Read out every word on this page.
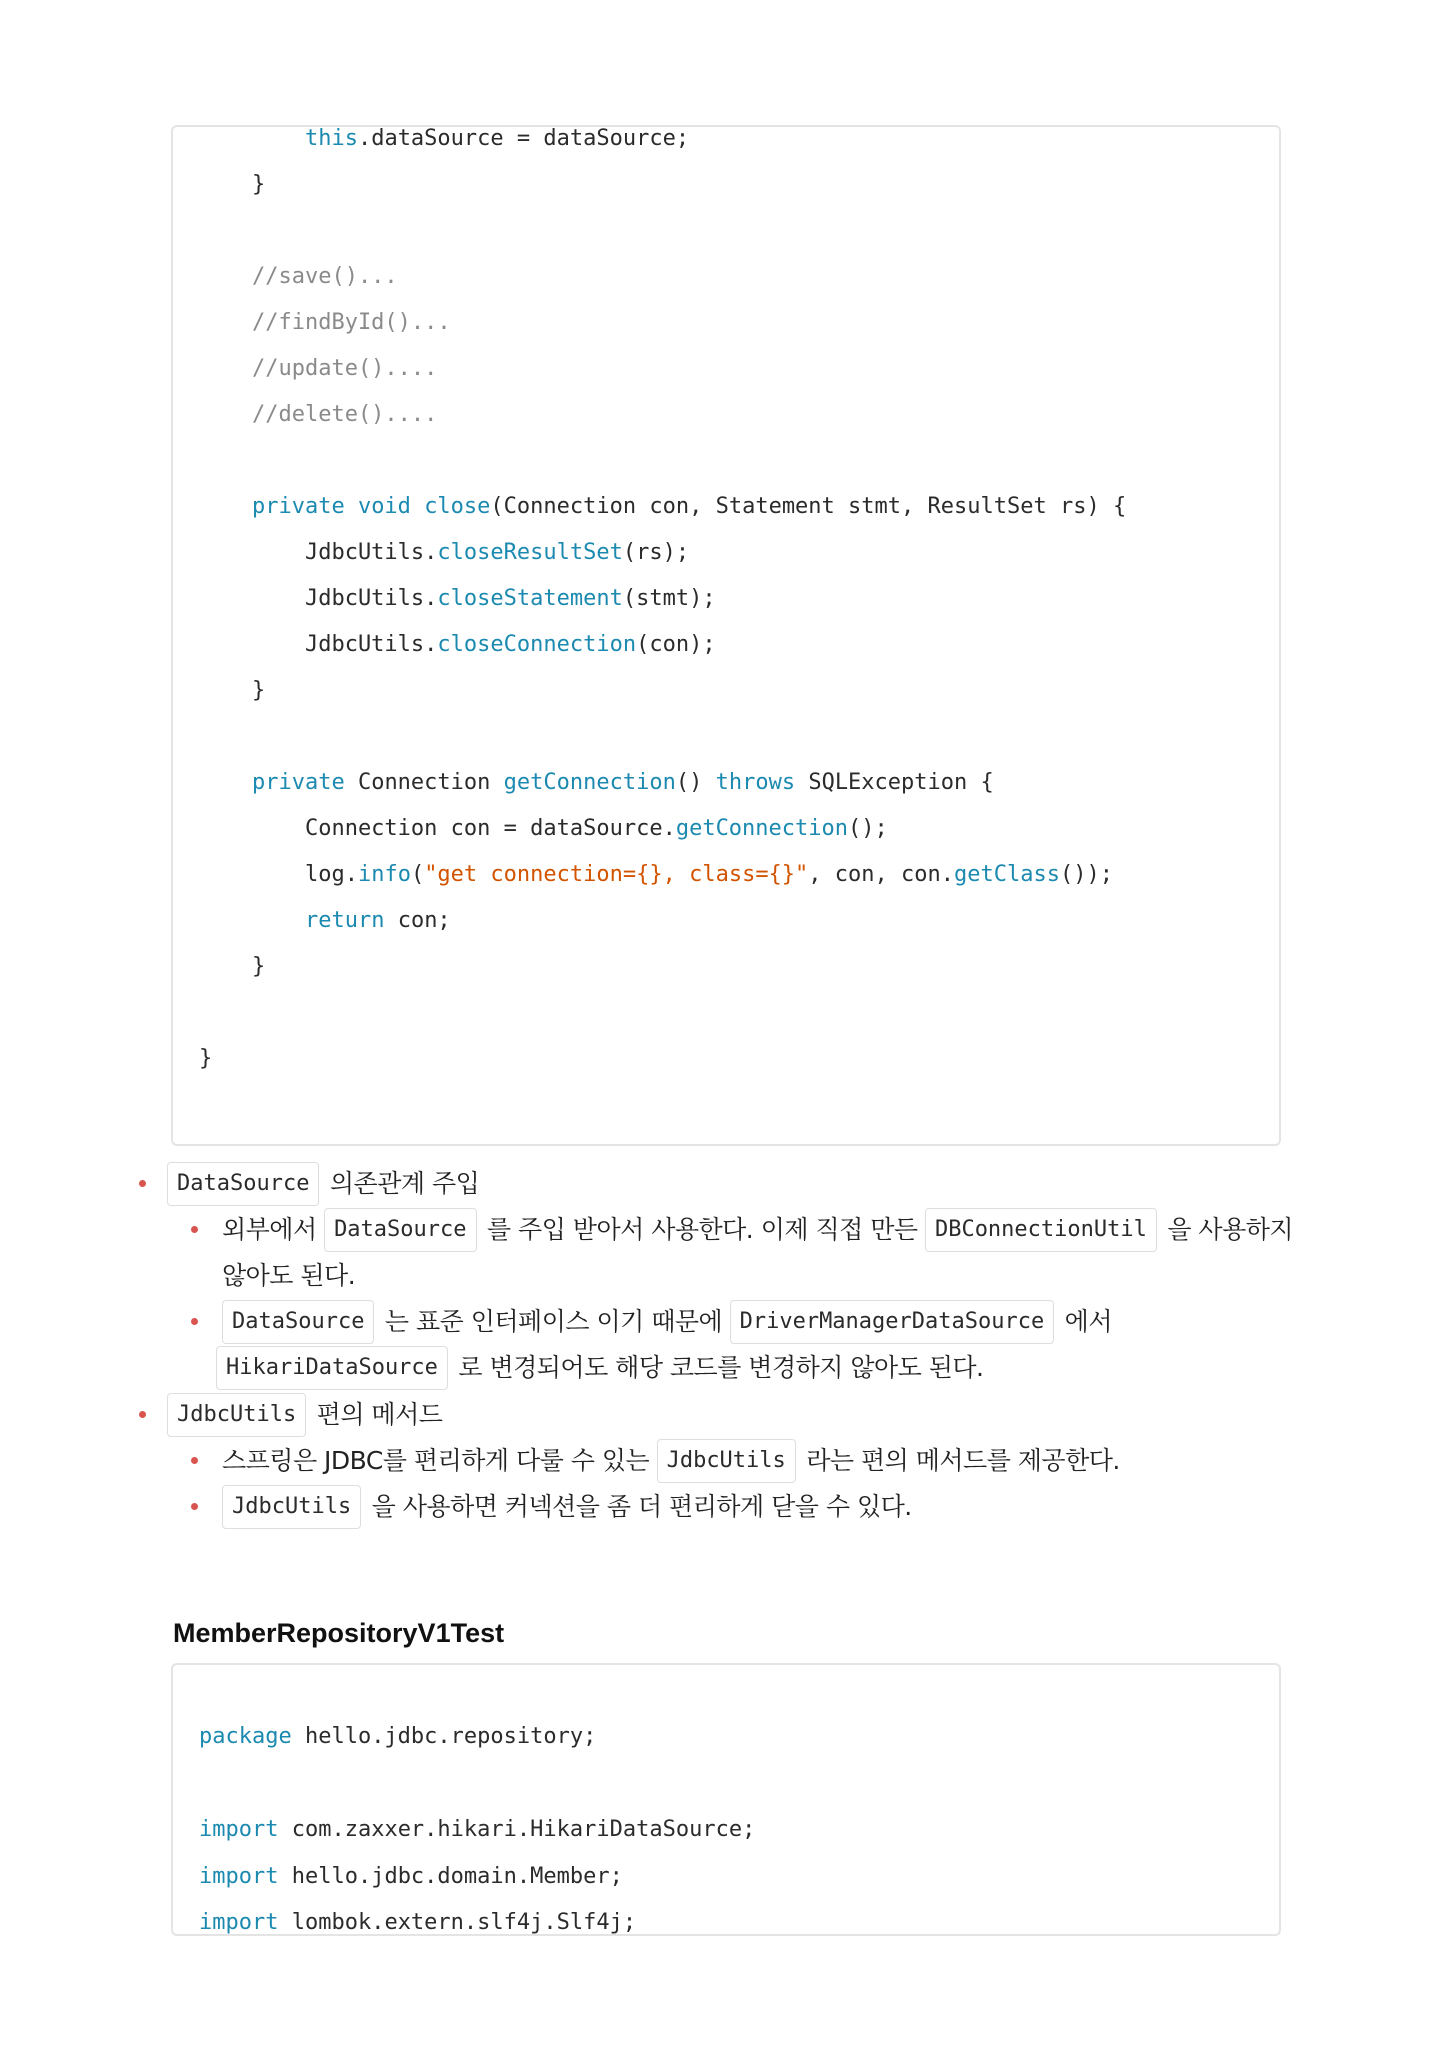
this.dataSource = dataSource;
}
//save()...
//findById()...
//update()....
//delete()....
private void close(Connection con, Statement stmt, ResultSet rs) {
JdbcUtils.closeResultSet(rs);
JdbcUtils.closeStatement(stmt);
JdbcUtils.closeConnection(con);
}
private Connection getConnection() throws SQLException {
Connection con = dataSource.getConnection();
log.info("get connection={}, class={}", con, con.getClass());
return con;
}
}
DataSource 의존관계 주입
외부에서 DataSource 를 주입 받아서 사용한다. 이제 직접 만든 DBConnectionUtil 을 사용하지
않아도 된다.
DataSource 는 표준 인터페이스 이기 때문에 DriverManagerDataSource 에서
HikariDataSource 로 변경되어도 해당 코드를 변경하지 않아도 된다.
JdbcUtils 편의 메서드
스프링은 JDBC를 편리하게 다룰 수 있는 JdbcUtils 라는 편의 메서드를 제공한다.
JdbcUtils 을 사용하면 커넥션을 좀 더 편리하게 닫을 수 있다.
MemberRepositoryV1Test
package hello.jdbc.repository;
import com.zaxxer.hikari.HikariDataSource;
import hello.jdbc.domain.Member;
import lombok.extern.slf4j.Slf4j;
